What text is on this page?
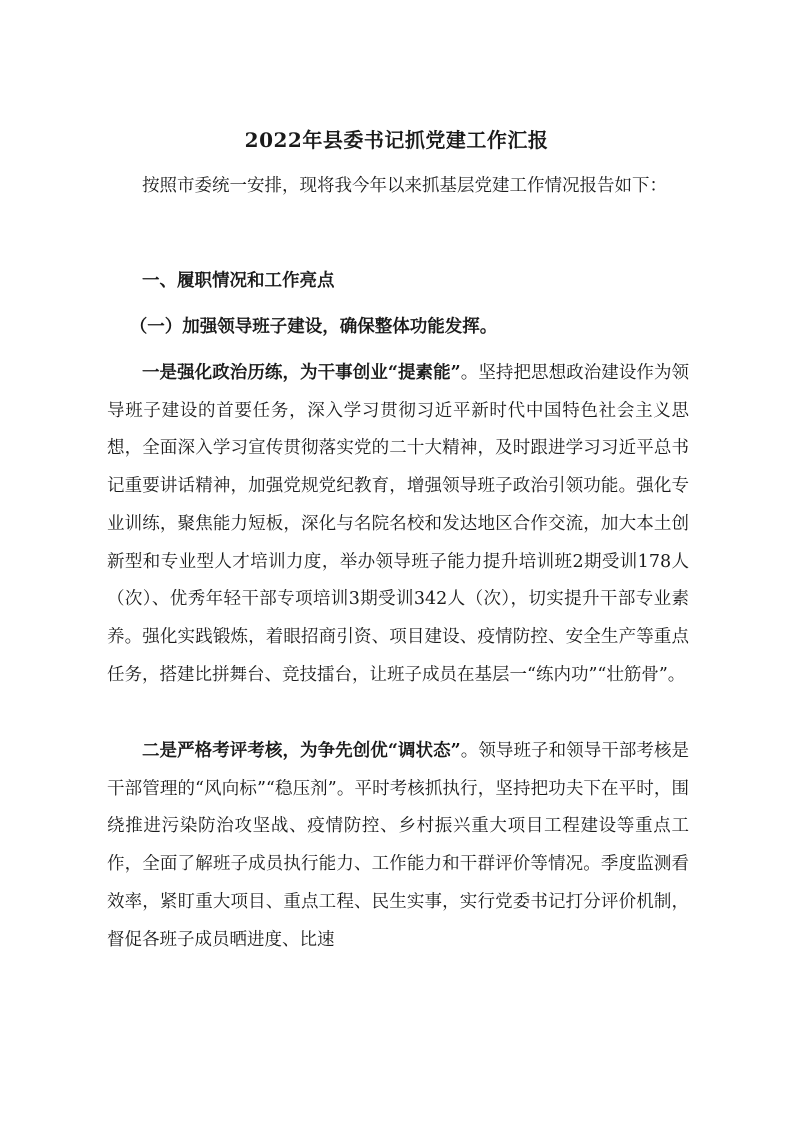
2022年县委书记抓党建工作汇报

按照市委统一安排，现将我今年以来抓基层党建工作情况报告如下：

一、履职情况和工作亮点

（一）加强领导班子建设，确保整体功能发挥。

一是强化政治历练，为干事创业“提素能”。坚持把思想政治建设作为领导班子建设的首要任务，深入学习贯彻习近平新时代中国特色社会主义思想，全面深入学习宣传贯彻落实党的二十大精神，及时跟进学习习近平总书记重要讲话精神，加强党规党纪教育，增强领导班子政治引领功能。强化专业训练，聚焦能力短板，深化与名院名校和发达地区合作交流，加大本土创新型和专业型人才培训力度，举办领导班子能力提升培训班2期受训178人（次）、优秀年轻干部专项培训3期受训342人（次），切实提升干部专业素养。强化实践锻炼，着眼招商引资、项目建设、疫情防控、安全生产等重点任务，搭建比拼舞台、竞技擂台，让班子成员在基层一“练内功”“壮筋骨”。

二是严格考评考核，为争先创优“调状态”。领导班子和领导干部考核是干部管理的“风向标”“稳压剂”。平时考核抓执行，坚持把功夫下在平时，围绕推进污染防治攻坚战、疫情防控、乡村振兴重大项目工程建设等重点工作，全面了解班子成员执行能力、工作能力和干群评价等情况。季度监测看效率，紧盯重大项目、重点工程、民生实事，实行党委书记打分评价机制，督促各班子成员晒进度、比速
